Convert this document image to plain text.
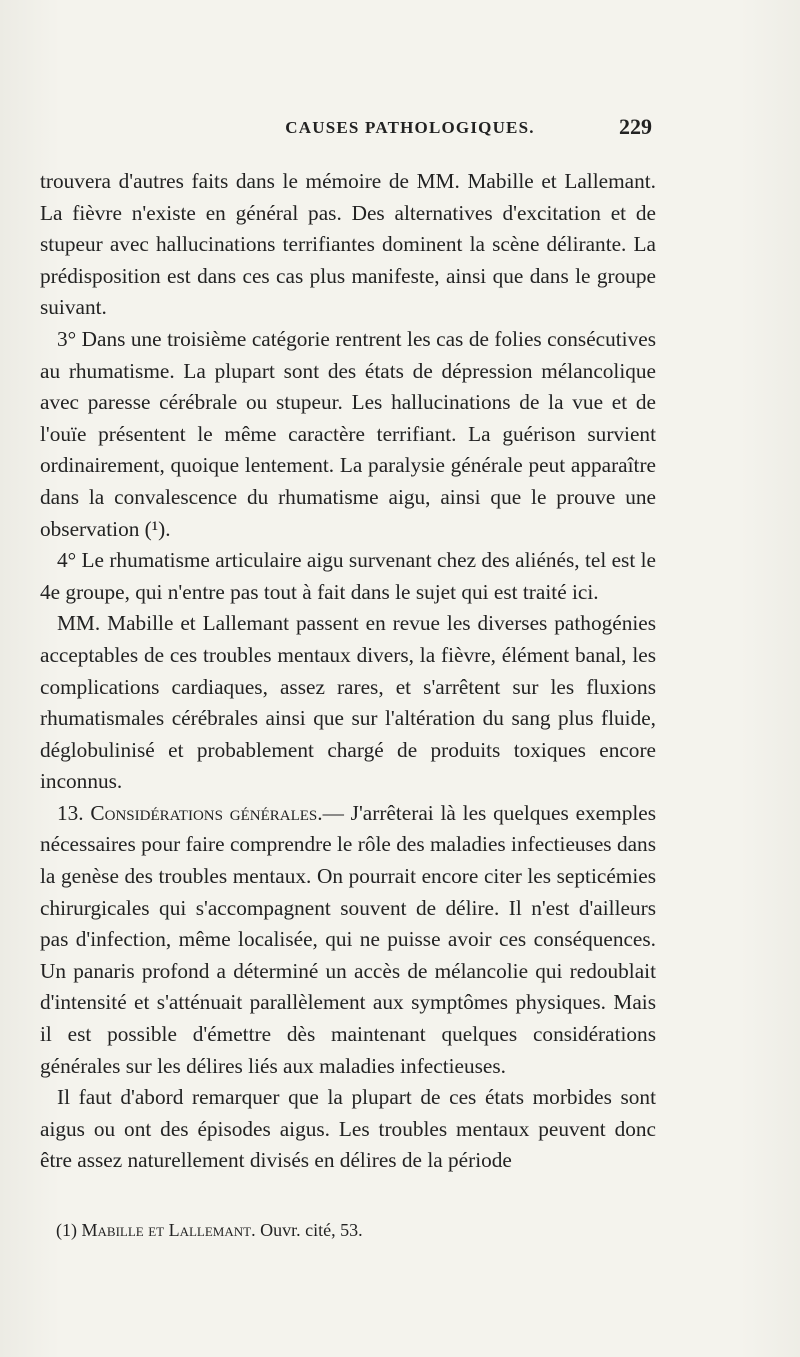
CAUSES PATHOLOGIQUES.	229

trouvera d'autres faits dans le mémoire de MM. Mabille et Lallemant. La fièvre n'existe en général pas. Des alternatives d'excitation et de stupeur avec hallucinations terrifiantes dominent la scène délirante. La prédisposition est dans ces cas plus manifeste, ainsi que dans le groupe suivant.

3° Dans une troisième catégorie rentrent les cas de folies consécutives au rhumatisme. La plupart sont des états de dépression mélancolique avec paresse cérébrale ou stupeur. Les hallucinations de la vue et de l'ouïe présentent le même caractère terrifiant. La guérison survient ordinairement, quoique lentement. La paralysie générale peut apparaître dans la convalescence du rhumatisme aigu, ainsi que le prouve une observation (¹).

4° Le rhumatisme articulaire aigu survenant chez des aliénés, tel est le 4e groupe, qui n'entre pas tout à fait dans le sujet qui est traité ici.

MM. Mabille et Lallemant passent en revue les diverses pathogénies acceptables de ces troubles mentaux divers, la fièvre, élément banal, les complications cardiaques, assez rares, et s'arrêtent sur les fluxions rhumatismales cérébrales ainsi que sur l'altération du sang plus fluide, déglobulinisé et probablement chargé de produits toxiques encore inconnus.

13. Considérations générales.— J'arrêterai là les quelques exemples nécessaires pour faire comprendre le rôle des maladies infectieuses dans la genèse des troubles mentaux. On pourrait encore citer les septicémies chirurgicales qui s'accompagnent souvent de délire. Il n'est d'ailleurs pas d'infection, même localisée, qui ne puisse avoir ces conséquences. Un panaris profond a déterminé un accès de mélancolie qui redoublait d'intensité et s'atténuait parallèlement aux symptômes physiques. Mais il est possible d'émettre dès maintenant quelques considérations générales sur les délires liés aux maladies infectieuses.

Il faut d'abord remarquer que la plupart de ces états morbides sont aigus ou ont des épisodes aigus. Les troubles mentaux peuvent donc être assez naturellement divisés en délires de la période

(1) Mabille et Lallemant. Ouvr. cité, 53.
